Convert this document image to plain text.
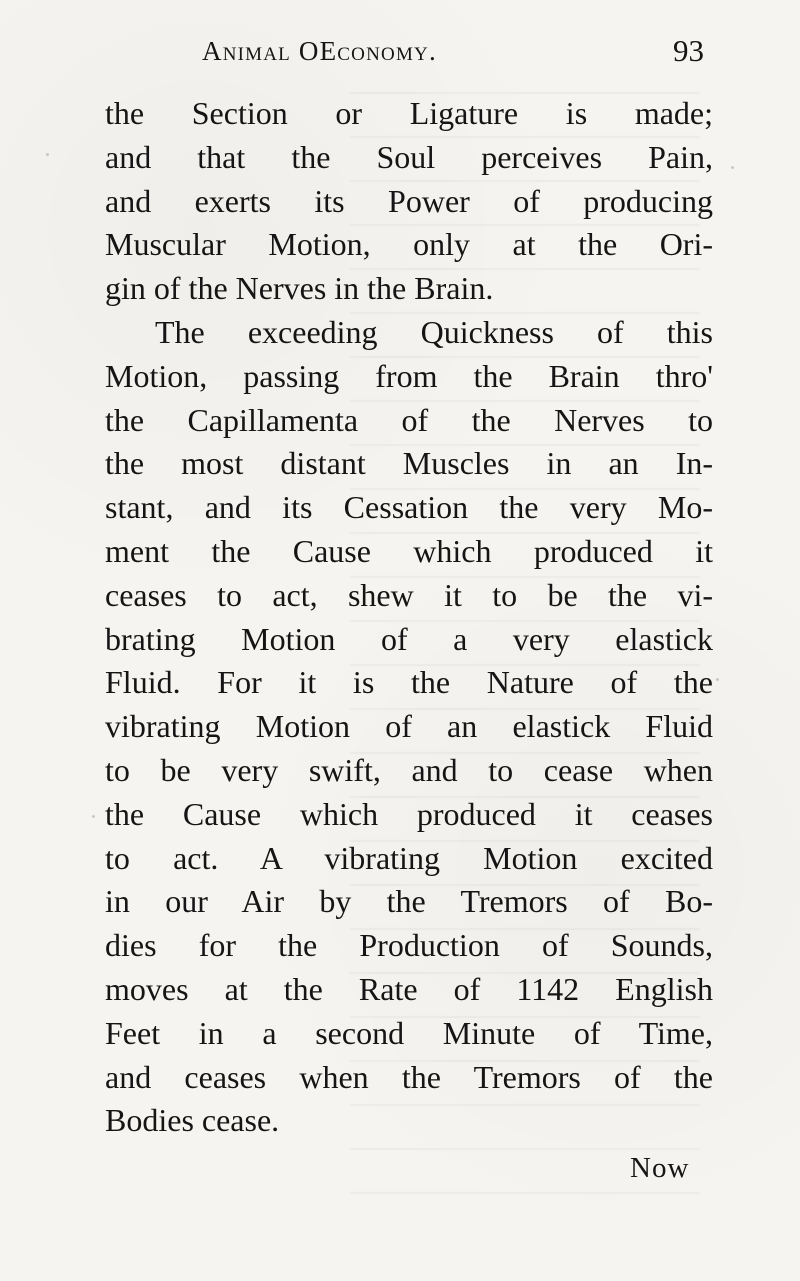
Animal OEconomy.	93
the Section or Ligature is made;
and that the Soul perceives Pain,
and exerts its Power of producing
Muscular Motion, only at the Ori-
gin of the Nerves in the Brain.
The exceeding Quickness of this
Motion, passing from the Brain thro'
the Capillamenta of the Nerves to
the most distant Muscles in an In-
stant, and its Cessation the very Mo-
ment the Cause which produced it
ceases to act, shew it to be the vi-
brating Motion of a very elastick
Fluid. For it is the Nature of the
vibrating Motion of an elastick Fluid
to be very swift, and to cease when
the Cause which produced it ceases
to act. A vibrating Motion excited
in our Air by the Tremors of Bo-
dies for the Production of Sounds,
moves at the Rate of 1142 English
Feet in a second Minute of Time,
and ceases when the Tremors of the
Bodies cease.
Now
